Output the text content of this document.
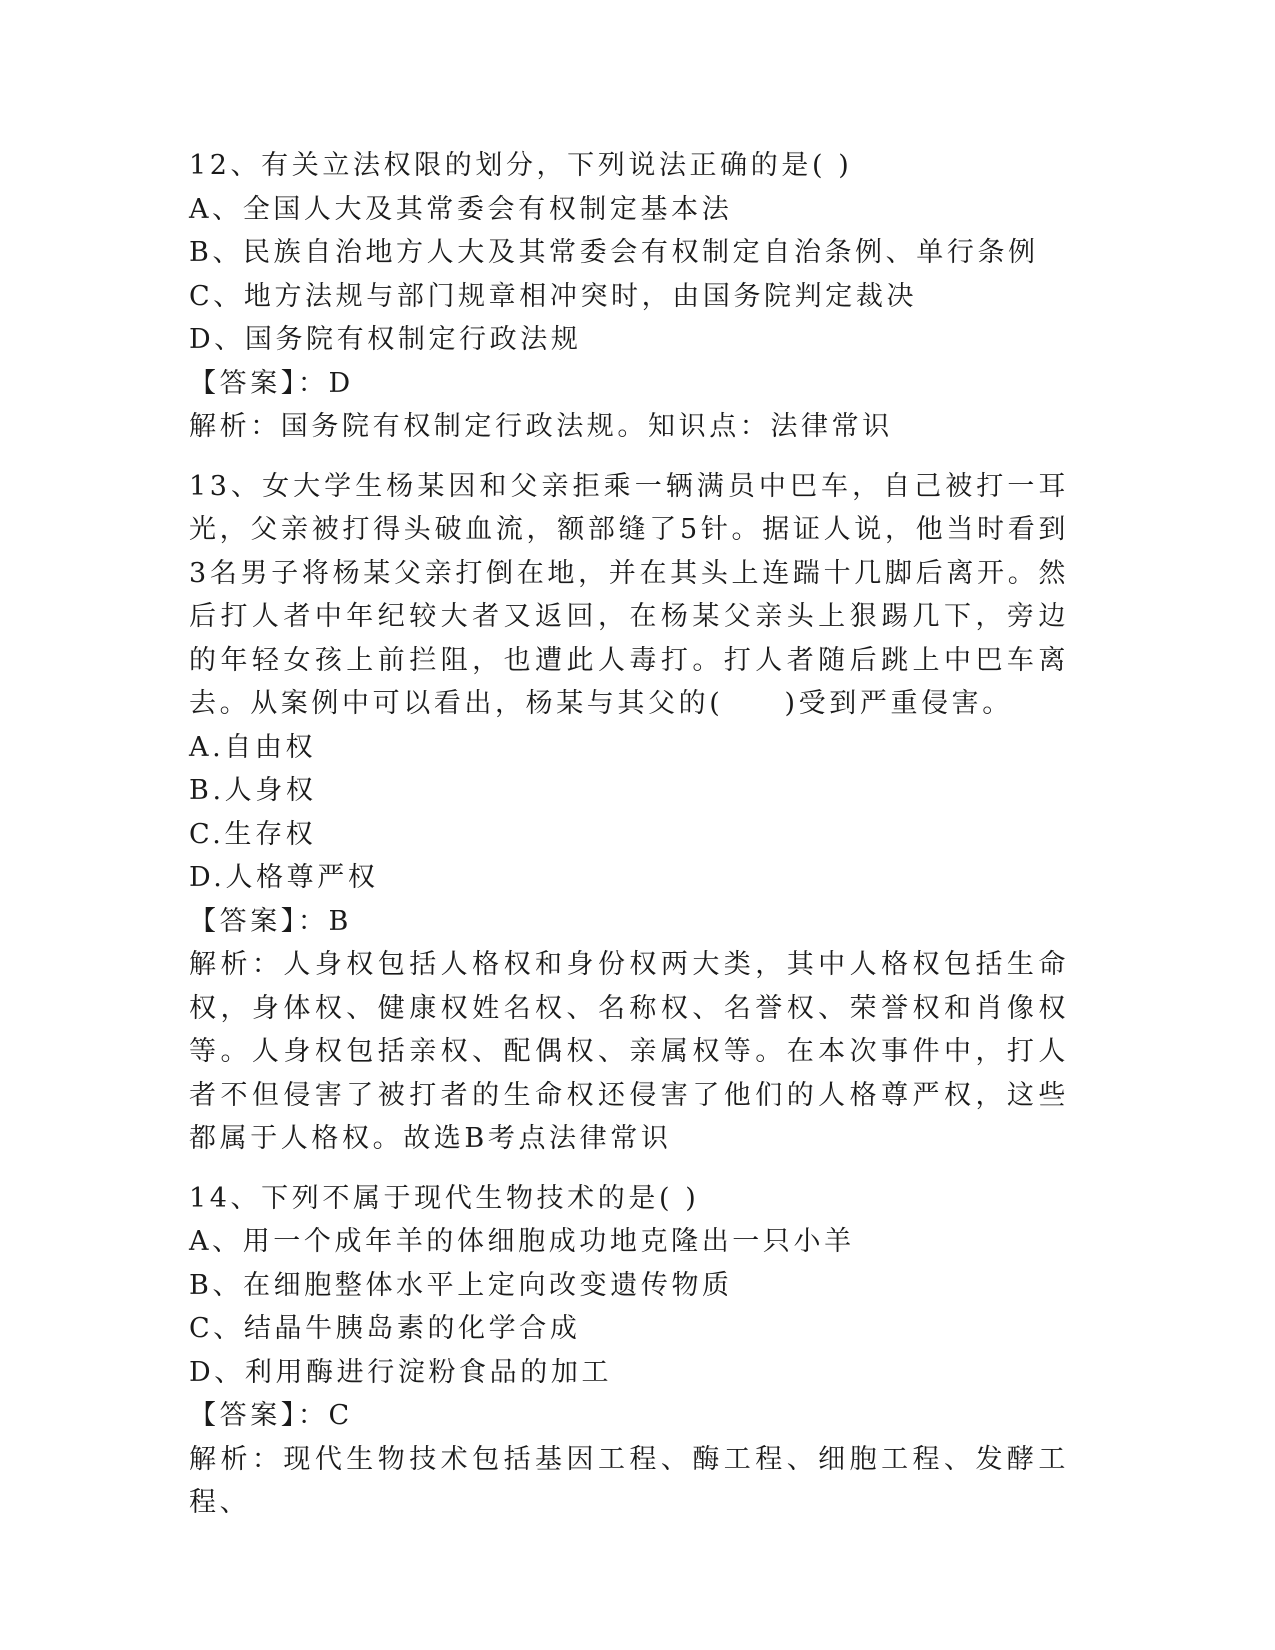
12、有关立法权限的划分，下列说法正确的是( )
A、全国人大及其常委会有权制定基本法
B、民族自治地方人大及其常委会有权制定自治条例、单行条例
C、地方法规与部门规章相冲突时，由国务院判定裁决
D、国务院有权制定行政法规
【答案】：D
解析：国务院有权制定行政法规。知识点：法律常识
13、女大学生杨某因和父亲拒乘一辆满员中巴车，自己被打一耳光，父亲被打得头破血流，额部缝了5针。据证人说，他当时看到3名男子将杨某父亲打倒在地，并在其头上连踹十几脚后离开。然后打人者中年纪较大者又返回，在杨某父亲头上狠踢几下，旁边的年轻女孩上前拦阻，也遭此人毒打。打人者随后跳上中巴车离去。从案例中可以看出，杨某与其父的(　　)受到严重侵害。
A.自由权
B.人身权
C.生存权
D.人格尊严权
【答案】：B
解析：人身权包括人格权和身份权两大类，其中人格权包括生命权，身体权、健康权姓名权、名称权、名誉权、荣誉权和肖像权等。人身权包括亲权、配偶权、亲属权等。在本次事件中，打人者不但侵害了被打者的生命权还侵害了他们的人格尊严权，这些都属于人格权。故选B考点法律常识
14、下列不属于现代生物技术的是( )
A、用一个成年羊的体细胞成功地克隆出一只小羊
B、在细胞整体水平上定向改变遗传物质
C、结晶牛胰岛素的化学合成
D、利用酶进行淀粉食品的加工
【答案】：C
解析：现代生物技术包括基因工程、酶工程、细胞工程、发酵工程、
